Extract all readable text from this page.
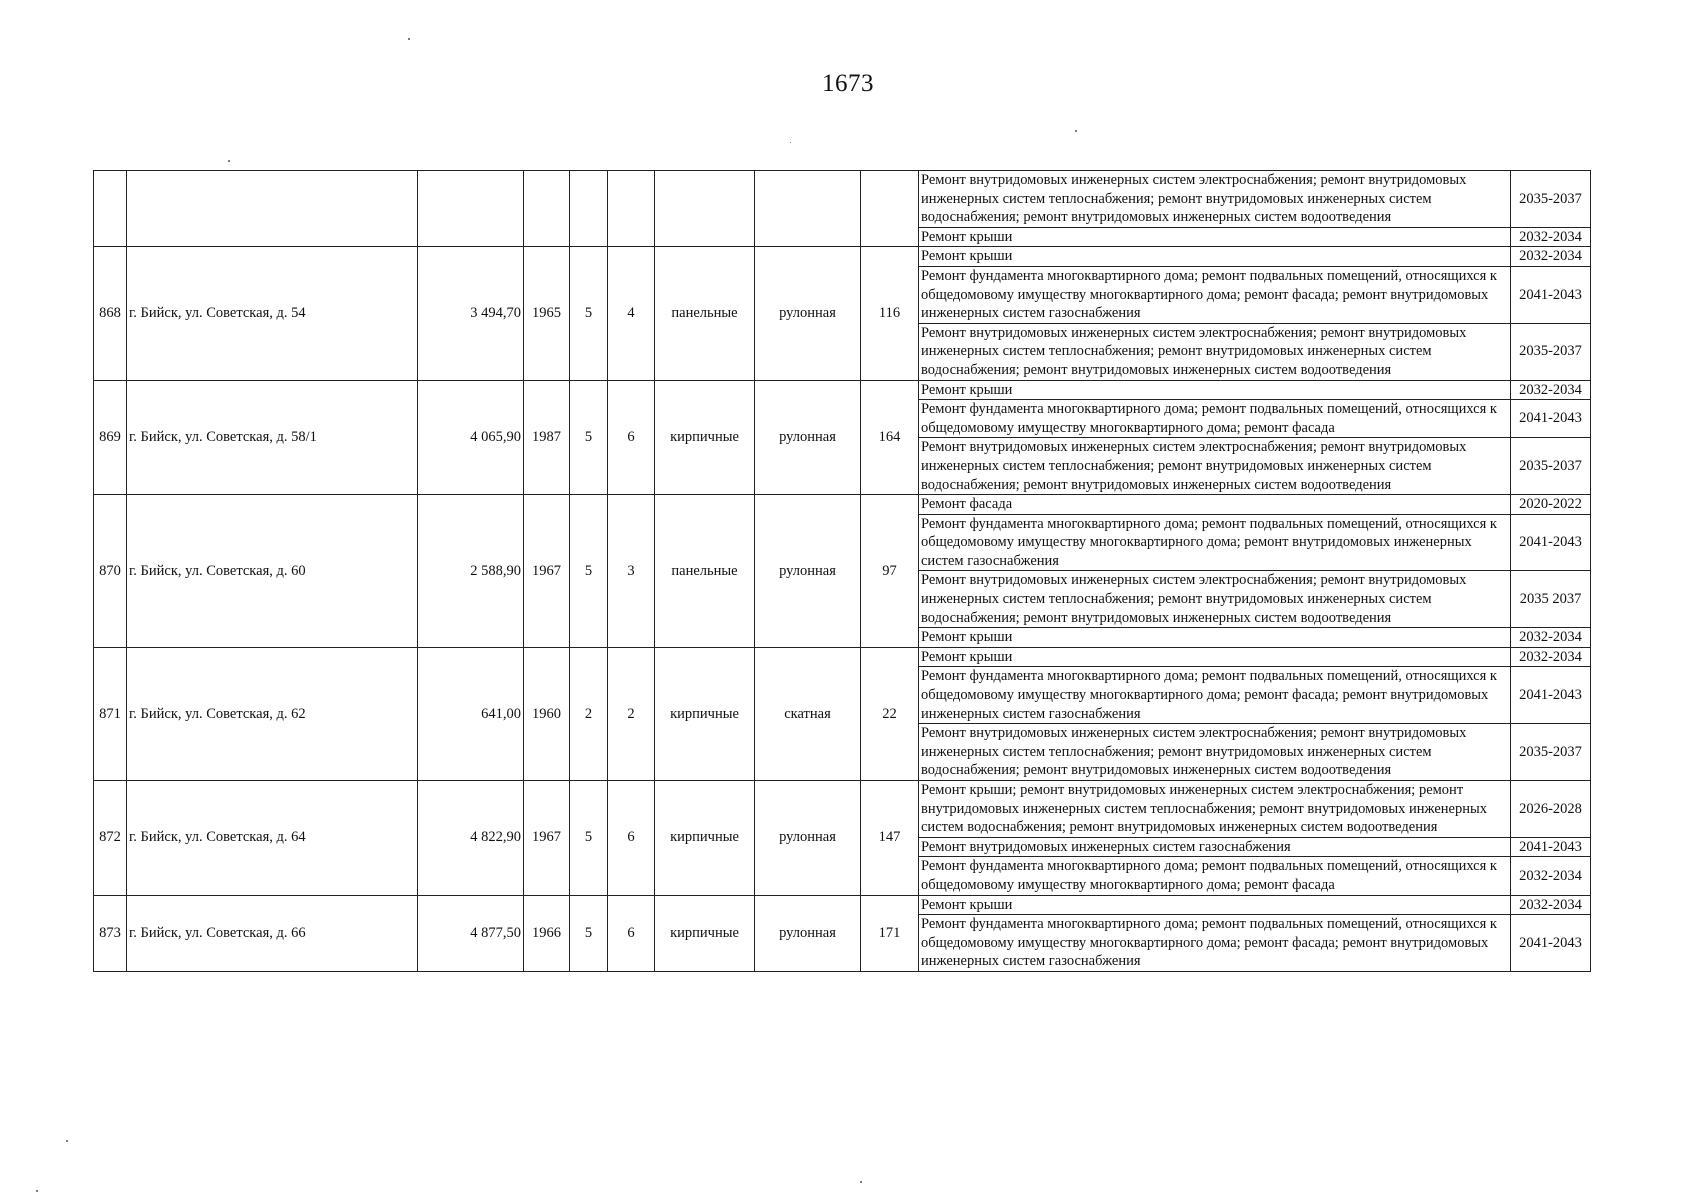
1673
									Ремонт внутридомовых инженерных систем электроснабжения; ремонт внутридомовых инженерных систем теплоснабжения; ремонт внутридомовых инженерных систем водоснабжения; ремонт внутридомовых инженерных систем водоотведения	2035-2037
									Ремонт крыши	2032-2034
868	г. Бийск, ул. Советская, д. 54	3 494,70	1965	5	4	панельные	рулонная	116	Ремонт крыши	2032-2034
									Ремонт фундамента многоквартирного дома; ремонт подвальных помещений, относящихся к общедомовому имуществу многоквартирного дома; ремонт фасада; ремонт внутридомовых инженерных систем газоснабжения	2041-2043
									Ремонт внутридомовых инженерных систем электроснабжения; ремонт внутридомовых инженерных систем теплоснабжения; ремонт внутридомовых инженерных систем водоснабжения; ремонт внутридомовых инженерных систем водоотведения	2035-2037
869	г. Бийск, ул. Советская, д. 58/1	4 065,90	1987	5	6	кирпичные	рулонная	164	Ремонт крыши	2032-2034
									Ремонт фундамента многоквартирного дома; ремонт подвальных помещений, относящихся к общедомовому имуществу многоквартирного дома; ремонт фасада	2041-2043
									Ремонт внутридомовых инженерных систем электроснабжения; ремонт внутридомовых инженерных систем теплоснабжения; ремонт внутридомовых инженерных систем водоснабжения; ремонт внутридомовых инженерных систем водоотведения	2035-2037
870	г. Бийск, ул. Советская, д. 60	2 588,90	1967	5	3	панельные	рулонная	97	Ремонт фасада	2020-2022
									Ремонт фундамента многоквартирного дома; ремонт подвальных помещений, относящихся к общедомовому имуществу многоквартирного дома; ремонт внутридомовых инженерных систем газоснабжения	2041-2043
									Ремонт внутридомовых инженерных систем электроснабжения; ремонт внутридомовых инженерных систем теплоснабжения; ремонт внутридомовых инженерных систем водоснабжения; ремонт внутридомовых инженерных систем водоотведения	2035 2037
									Ремонт крыши	2032-2034
871	г. Бийск, ул. Советская, д. 62	641,00	1960	2	2	кирпичные	скатная	22	Ремонт крыши	2032-2034
									Ремонт фундамента многоквартирного дома; ремонт подвальных помещений, относящихся к общедомовому имуществу многоквартирного дома; ремонт фасада; ремонт внутридомовых инженерных систем газоснабжения	2041-2043
									Ремонт внутридомовых инженерных систем электроснабжения; ремонт внутридомовых инженерных систем теплоснабжения; ремонт внутридомовых инженерных систем водоснабжения; ремонт внутридомовых инженерных систем водоотведения	2035-2037
872	г. Бийск, ул. Советская, д. 64	4 822,90	1967	5	6	кирпичные	рулонная	147	Ремонт крыши; ремонт внутридомовых инженерных систем электроснабжения; ремонт внутридомовых инженерных систем теплоснабжения; ремонт внутридомовых инженерных систем водоснабжения; ремонт внутридомовых инженерных систем водоотведения	2026-2028
									Ремонт внутридомовых инженерных систем газоснабжения	2041-2043
									Ремонт фундамента многоквартирного дома; ремонт подвальных помещений, относящихся к общедомовому имуществу многоквартирного дома; ремонт фасада	2032-2034
873	г. Бийск, ул. Советская, д. 66	4 877,50	1966	5	6	кирпичные	рулонная	171	Ремонт крыши	2032-2034
									Ремонт фундамента многоквартирного дома; ремонт подвальных помещений, относящихся к общедомовому имуществу многоквартирного дома; ремонт фасада; ремонт внутридомовых инженерных систем газоснабжения	2041-2043
